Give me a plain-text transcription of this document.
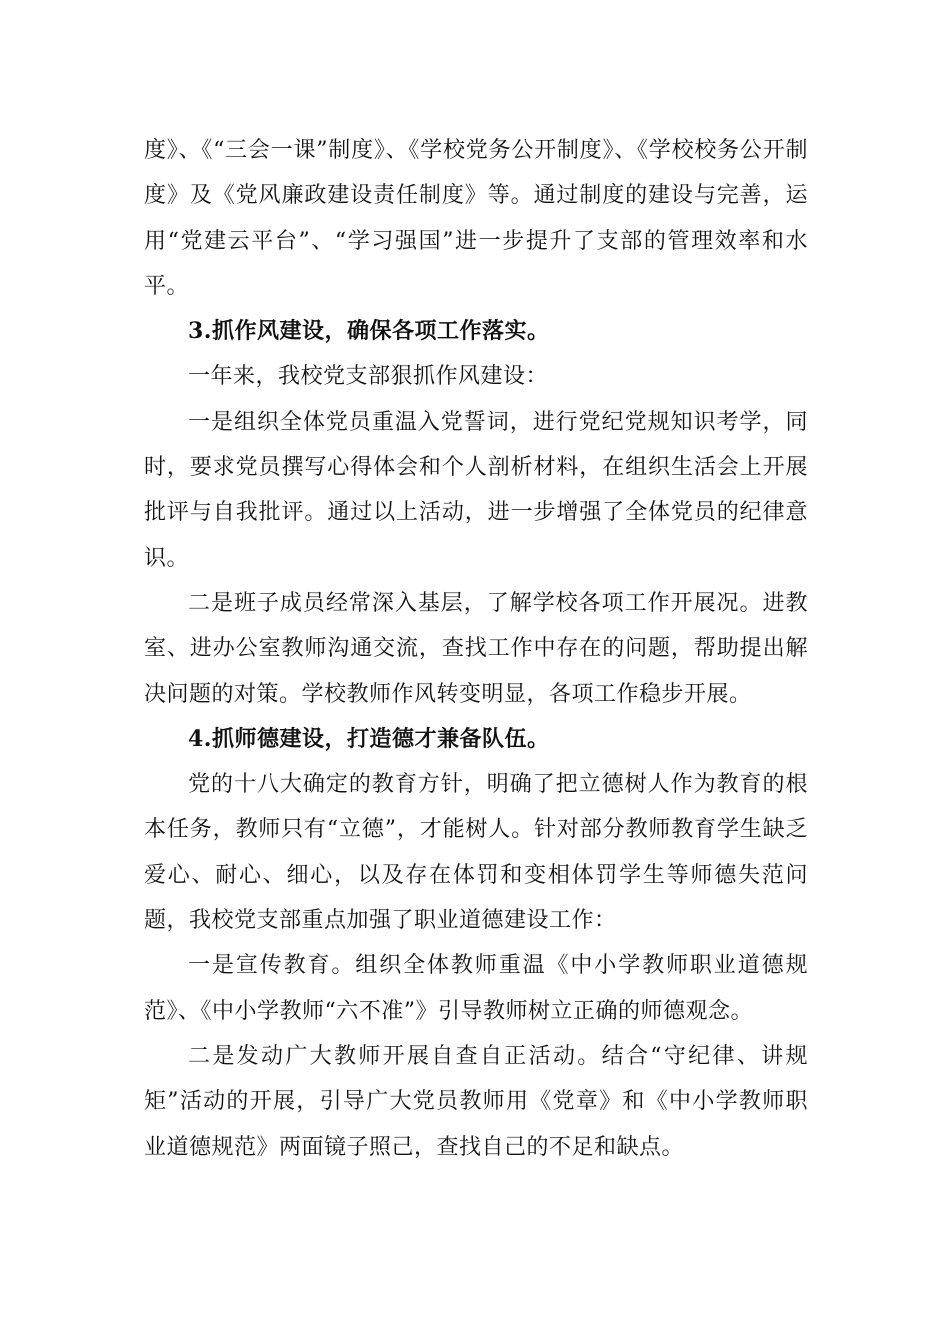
度》、《“三会一课”制度》、《学校党务公开制度》、《学校校务公开制度》及《党风廉政建设责任制度》等。通过制度的建设与完善，运用“党建云平台”、“学习强国”进一步提升了支部的管理效率和水平。

3.抓作风建设，确保各项工作落实。

一年来，我校党支部狠抓作风建设：

一是组织全体党员重温入党誓词，进行党纪党规知识考学，同时，要求党员撰写心得体会和个人剖析材料，在组织生活会上开展批评与自我批评。通过以上活动，进一步增强了全体党员的纪律意识。

二是班子成员经常深入基层，了解学校各项工作开展况。进教室、进办公室教师沟通交流，查找工作中存在的问题，帮助提出解决问题的对策。学校教师作风转变明显，各项工作稳步开展。

4.抓师德建设，打造德才兼备队伍。

党的十八大确定的教育方针，明确了把立德树人作为教育的根本任务，教师只有“立德”，才能树人。针对部分教师教育学生缺乏爱心、耐心、细心，以及存在体罚和变相体罚学生等师德失范问题，我校党支部重点加强了职业道德建设工作：

一是宣传教育。组织全体教师重温《中小学教师职业道德规范》、《中小学教师“六不准”》引导教师树立正确的师德观念。

二是发动广大教师开展自查自正活动。结合“守纪律、讲规矩”活动的开展，引导广大党员教师用《党章》和《中小学教师职业道德规范》两面镜子照己，查找自己的不足和缺点。
